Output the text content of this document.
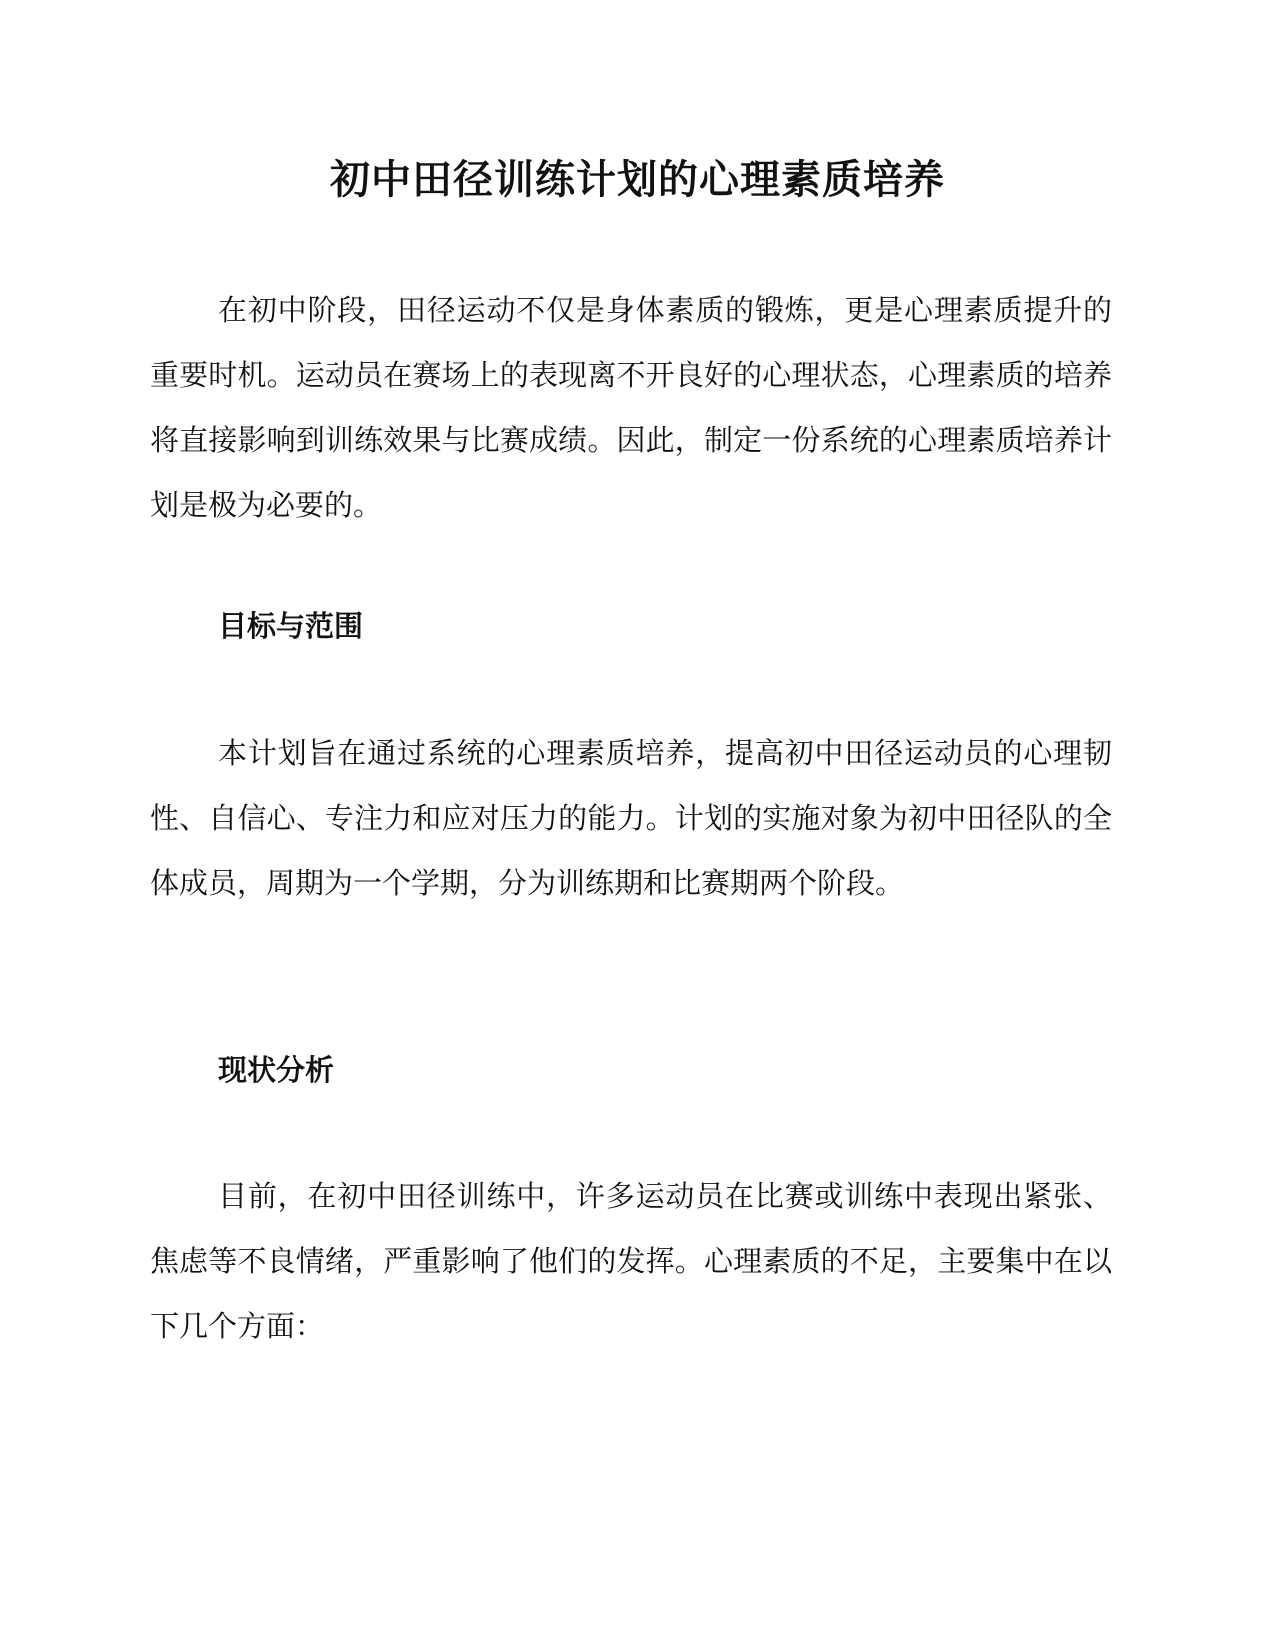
初中田径训练计划的心理素质培养

在初中阶段，田径运动不仅是身体素质的锻炼，更是心理素质提升的重要时机。运动员在赛场上的表现离不开良好的心理状态，心理素质的培养将直接影响到训练效果与比赛成绩。因此，制定一份系统的心理素质培养计划是极为必要的。

目标与范围

本计划旨在通过系统的心理素质培养，提高初中田径运动员的心理韧性、自信心、专注力和应对压力的能力。计划的实施对象为初中田径队的全体成员，周期为一个学期，分为训练期和比赛期两个阶段。

现状分析

目前，在初中田径训练中，许多运动员在比赛或训练中表现出紧张、焦虑等不良情绪，严重影响了他们的发挥。心理素质的不足，主要集中在以下几个方面：
